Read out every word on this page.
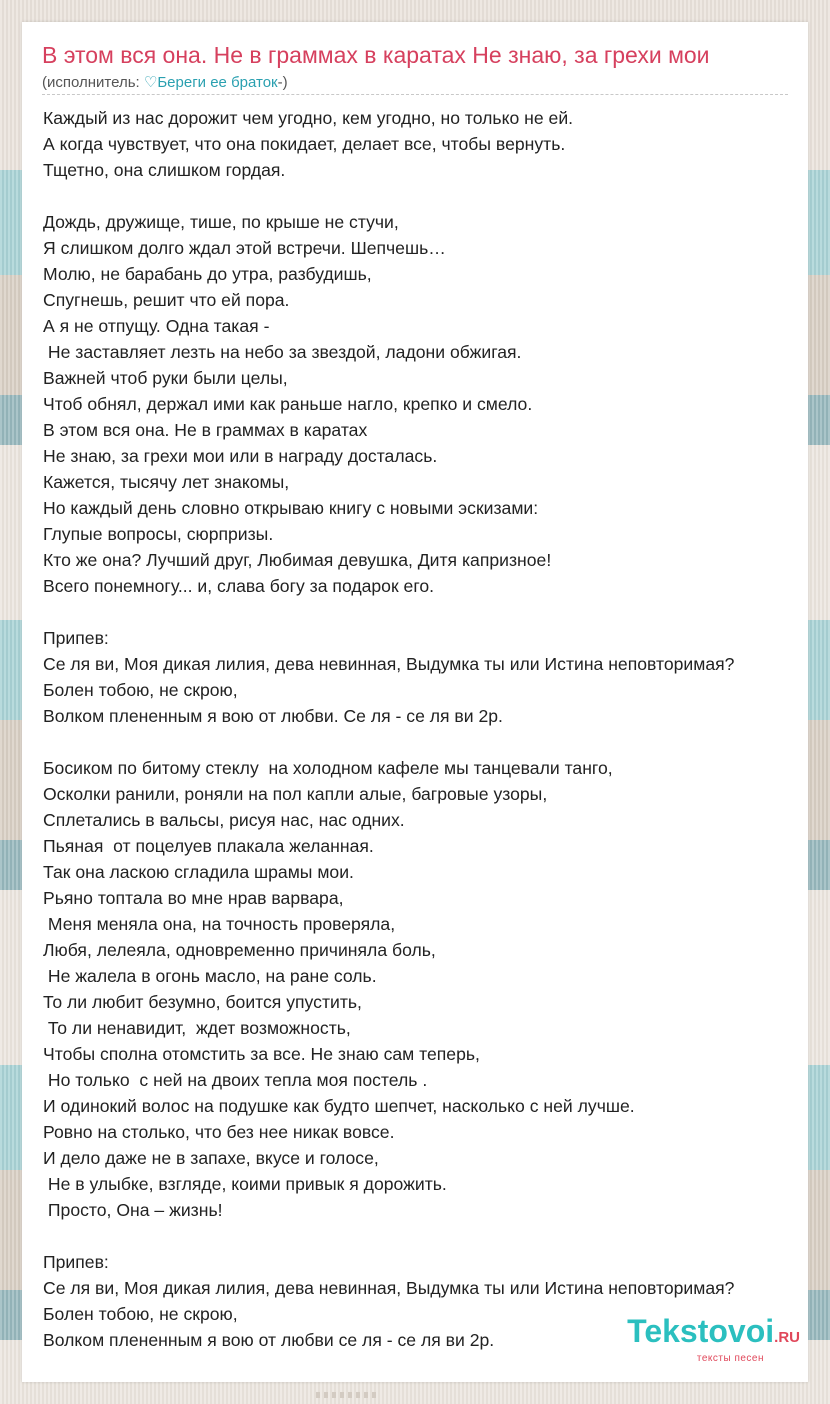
В этом вся она. Не в граммах в каратах Не знаю, за грехи мои
(исполнитель: ♡Береги ее браток-)
Каждый из нас дорожит чем угодно, кем угодно, но только не ей.
А когда чувствует, что она покидает, делает все, чтобы вернуть.
Тщетно, она слишком гордая.
Дождь, дружище, тише, по крыше не стучи,
Я слишком долго ждал этой встречи. Шепчешь…
Молю, не барабань до утра, разбудишь,
Спугнешь, решит что ей пора.
А я не отпущу. Одна такая -
Не заставляет лезть на небо за звездой, ладони обжигая.
Важней чтоб руки были целы,
Чтоб обнял, держал ими как раньше нагло, крепко и смело.
В этом вся она. Не в граммах в каратах
Не знаю, за грехи мои или в награду досталась.
Кажется, тысячу лет знакомы,
Но каждый день словно открываю книгу с новыми эскизами:
Глупые вопросы, сюрпризы.
Кто же она? Лучший друг, Любимая девушка, Дитя капризное!
Всего понемногу... и, слава богу за подарок его.
Припев:
Се ля ви, Моя дикая лилия, дева невинная, Выдумка ты или Истина неповторимая?
Болен тобою, не скрою,
Волком плененным я вою от любви. Се ля - се ля ви 2р.
Босиком по битому стеклу  на холодном кафеле мы танцевали танго,
Осколки ранили, роняли на пол капли алые, багровые узоры,
Сплетались в вальсы, рисуя нас, нас одних.
Пьяная  от поцелуев плакала желанная.
Так она ласкою сгладила шрамы мои.
Рьяно топтала во мне нрав варвара,
Меня меняла она, на точность проверяла,
Любя, лелеяла, одновременно причиняла боль,
Не жалела в огонь масло, на ране соль.
То ли любит безумно, боится упустить,
То ли ненавидит,  ждет возможность,
Чтобы сполна отомстить за все. Не знаю сам теперь,
Но только  с ней на двоих тепла моя постель .
И одинокий волос на подушке как будто шепчет, насколько с ней лучше.
Ровно на столько, что без нее никак вовсе.
И дело даже не в запахе, вкусе и голосе,
Не в улыбке, взгляде, коими привык я дорожить.
Просто, Она – жизнь!
Припев:
Се ля ви, Моя дикая лилия, дева невинная, Выдумка ты или Истина неповторимая?
Болен тобою, не скрою,
Волком плененным я вою от любви се ля - се ля ви 2р.	Tekstovoi.RU
тексты песен
